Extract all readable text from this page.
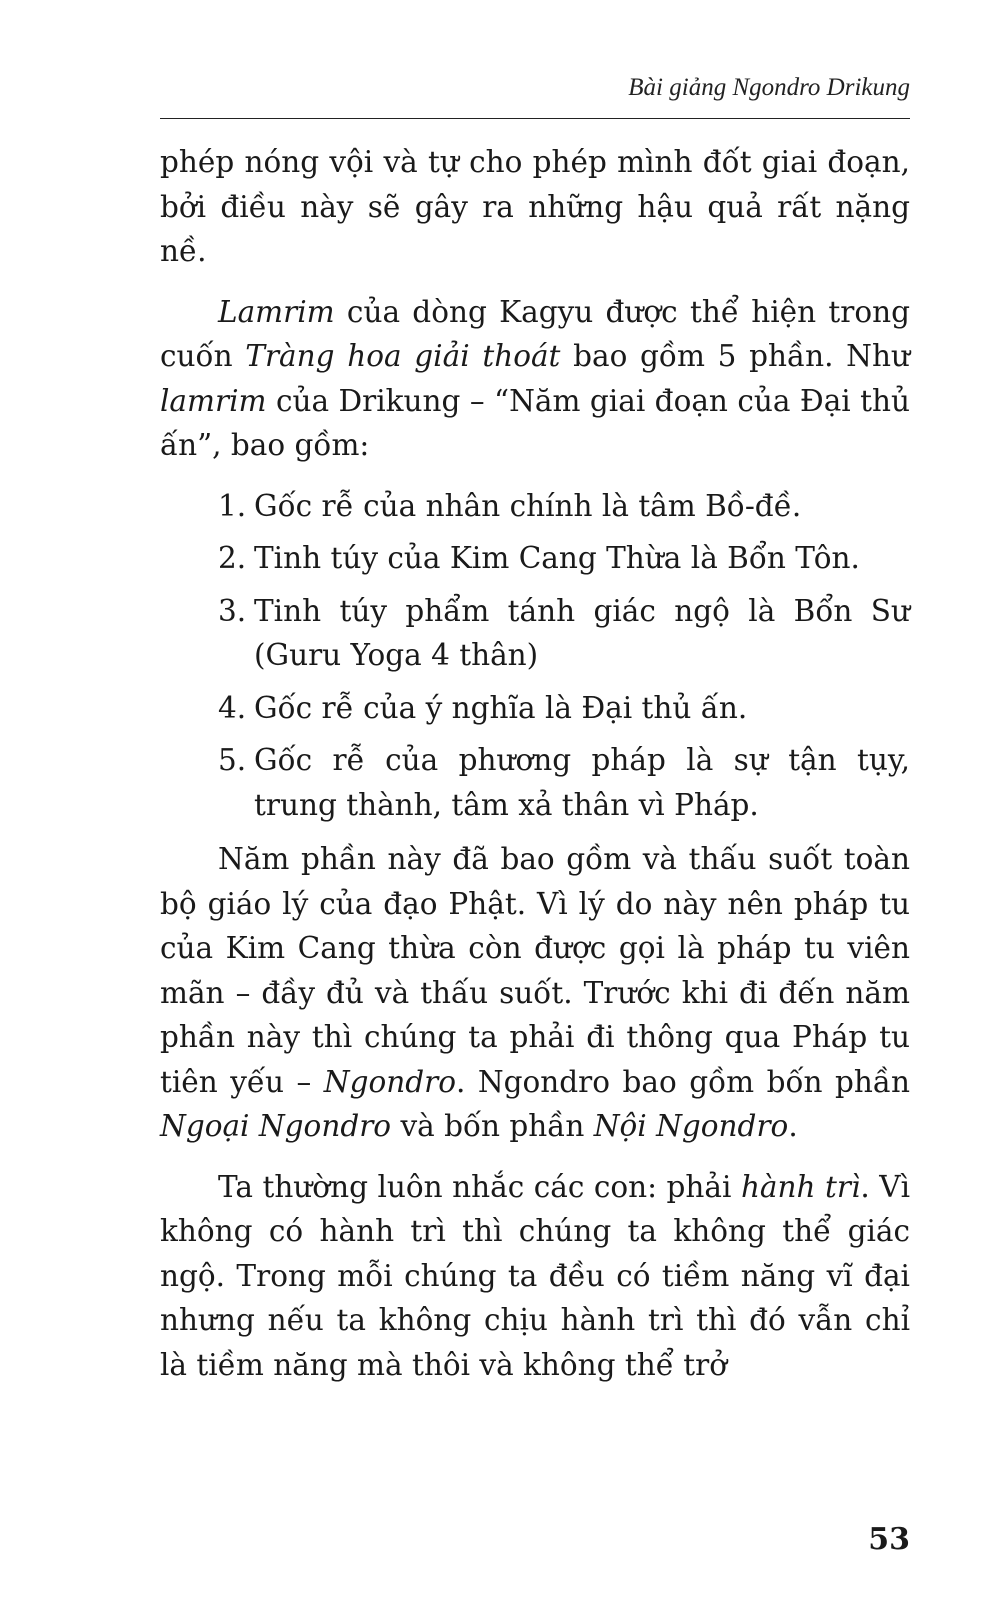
Bài giảng Ngondro Drikung

phép nóng vội và tự cho phép mình đốt giai đoạn, bởi điều này sẽ gây ra những hậu quả rất nặng nề.

Lamrim của dòng Kagyu được thể hiện trong cuốn Tràng hoa giải thoát bao gồm 5 phần. Như lamrim của Drikung – “Năm giai đoạn của Đại thủ ấn”, bao gồm:

1. Gốc rễ của nhân chính là tâm Bồ-đề.
2. Tinh túy của Kim Cang Thừa là Bổn Tôn.
3. Tinh túy phẩm tánh giác ngộ là Bổn Sư (Guru Yoga 4 thân)
4. Gốc rễ của ý nghĩa là Đại thủ ấn.
5. Gốc rễ của phương pháp là sự tận tụy, trung thành, tâm xả thân vì Pháp.

Năm phần này đã bao gồm và thấu suốt toàn bộ giáo lý của đạo Phật. Vì lý do này nên pháp tu của Kim Cang thừa còn được gọi là pháp tu viên mãn – đầy đủ và thấu suốt. Trước khi đi đến năm phần này thì chúng ta phải đi thông qua Pháp tu tiên yếu – Ngondro. Ngondro bao gồm bốn phần Ngoại Ngondro và bốn phần Nội Ngondro.

Ta thường luôn nhắc các con: phải hành trì. Vì không có hành trì thì chúng ta không thể giác ngộ. Trong mỗi chúng ta đều có tiềm năng vĩ đại nhưng nếu ta không chịu hành trì thì đó vẫn chỉ là tiềm năng mà thôi và không thể trở

53
